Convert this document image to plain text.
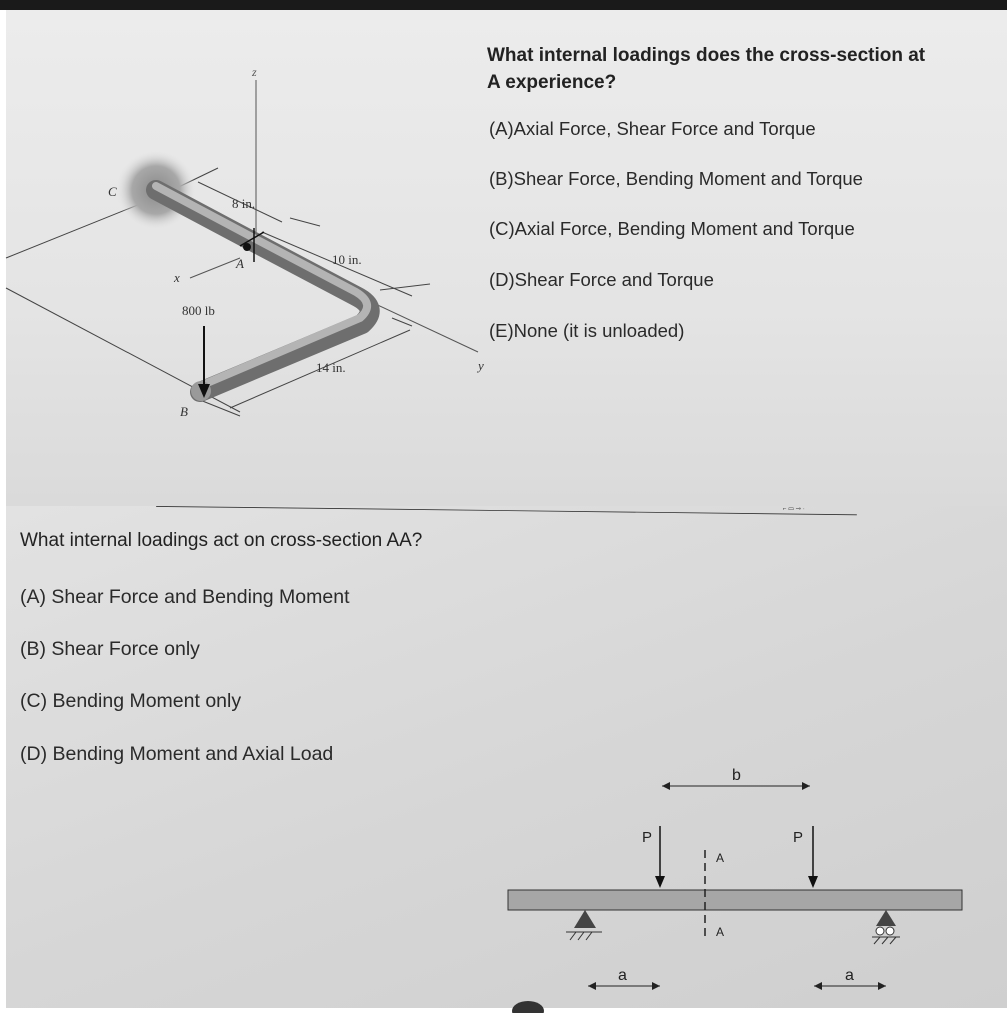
z
x
y
C
A
B
8 in.
10 in.
14 in.
800 lb

What internal loadings does the cross-section at
A experience?

(A)Axial Force, Shear Force and Torque
(B)Shear Force, Bending Moment and Torque
(C)Axial Force, Bending Moment and Torque
(D)Shear Force and Torque
(E)None (it is unloaded)
⌐ ▭ ⊸ ·

What internal loadings act on cross-section AA?

(A) Shear Force and Bending Moment
(B) Shear Force only
(C) Bending Moment only
(D) Bending Moment and Axial Load
b
P	P
A
A
a	a
